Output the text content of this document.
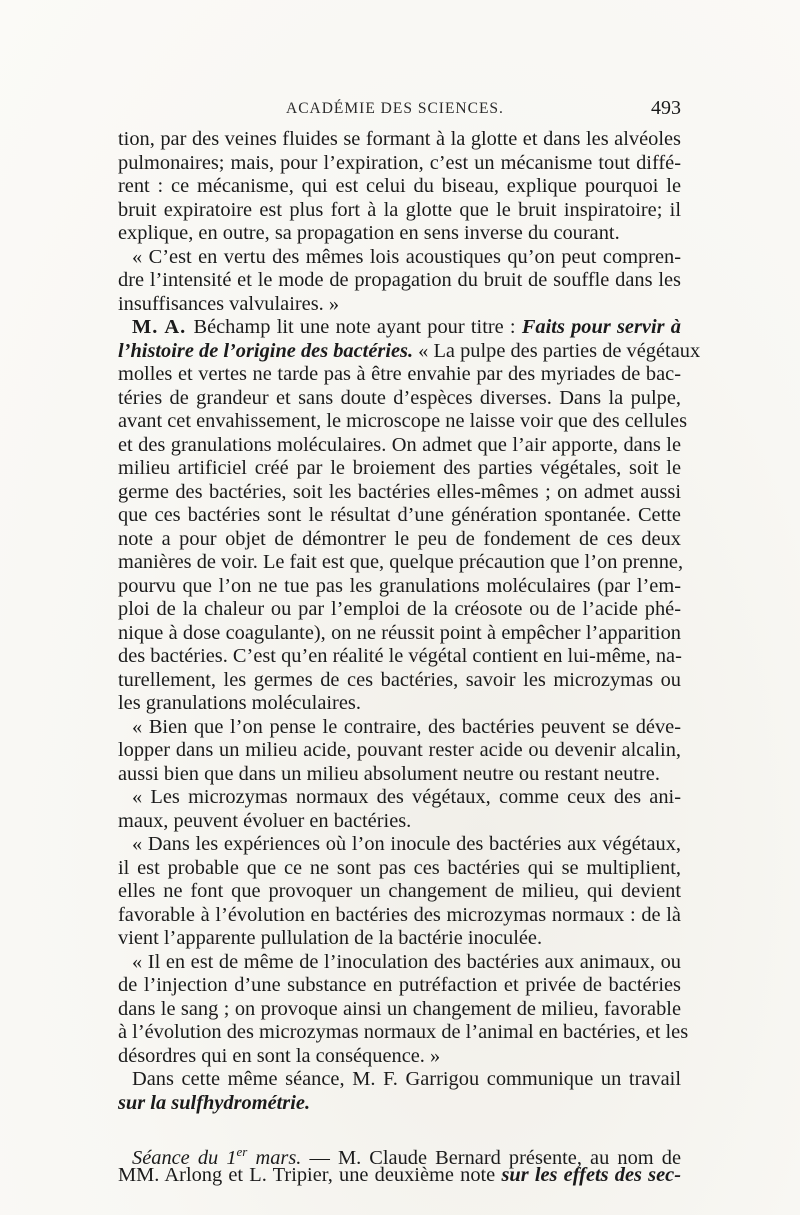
ACADÉMIE DES SCIENCES.	493
tion, par des veines fluides se formant à la glotte et dans les alvéoles
pulmonaires; mais, pour l’expiration, c’est un mécanisme tout diffé-
rent : ce mécanisme, qui est celui du biseau, explique pourquoi le
bruit expiratoire est plus fort à la glotte que le bruit inspiratoire; il
explique, en outre, sa propagation en sens inverse du courant.
« C’est en vertu des mêmes lois acoustiques qu’on peut compren-
dre l’intensité et le mode de propagation du bruit de souffle dans les
insuffisances valvulaires. »
M. A. Béchamp lit une note ayant pour titre : Faits pour servir à
l’histoire de l’origine des bactéries. « La pulpe des parties de végétaux
molles et vertes ne tarde pas à être envahie par des myriades de bac-
téries de grandeur et sans doute d’espèces diverses. Dans la pulpe,
avant cet envahissement, le microscope ne laisse voir que des cellules
et des granulations moléculaires. On admet que l’air apporte, dans le
milieu artificiel créé par le broiement des parties végétales, soit le
germe des bactéries, soit les bactéries elles-mêmes ; on admet aussi
que ces bactéries sont le résultat d’une génération spontanée. Cette
note a pour objet de démontrer le peu de fondement de ces deux
manières de voir. Le fait est que, quelque précaution que l’on prenne,
pourvu que l’on ne tue pas les granulations moléculaires (par l’em-
ploi de la chaleur ou par l’emploi de la créosote ou de l’acide phé-
nique à dose coagulante), on ne réussit point à empêcher l’apparition
des bactéries. C’est qu’en réalité le végétal contient en lui-même, na-
turellement, les germes de ces bactéries, savoir les microzymas ou
les granulations moléculaires.
« Bien que l’on pense le contraire, des bactéries peuvent se déve-
lopper dans un milieu acide, pouvant rester acide ou devenir alcalin,
aussi bien que dans un milieu absolument neutre ou restant neutre.
« Les microzymas normaux des végétaux, comme ceux des ani-
maux, peuvent évoluer en bactéries.
« Dans les expériences où l’on inocule des bactéries aux végétaux,
il est probable que ce ne sont pas ces bactéries qui se multiplient,
elles ne font que provoquer un changement de milieu, qui devient
favorable à l’évolution en bactéries des microzymas normaux : de là
vient l’apparente pullulation de la bactérie inoculée.
« Il en est de même de l’inoculation des bactéries aux animaux, ou
de l’injection d’une substance en putréfaction et privée de bactéries
dans le sang ; on provoque ainsi un changement de milieu, favorable
à l’évolution des microzymas normaux de l’animal en bactéries, et les
désordres qui en sont la conséquence. »
Dans cette même séance, M. F. Garrigou communique un travail
sur la sulfhydrométrie.
Séance du 1er mars. — M. Claude Bernard présente, au nom de
MM. Arlong et L. Tripier, une deuxième note sur les effets des sec-
